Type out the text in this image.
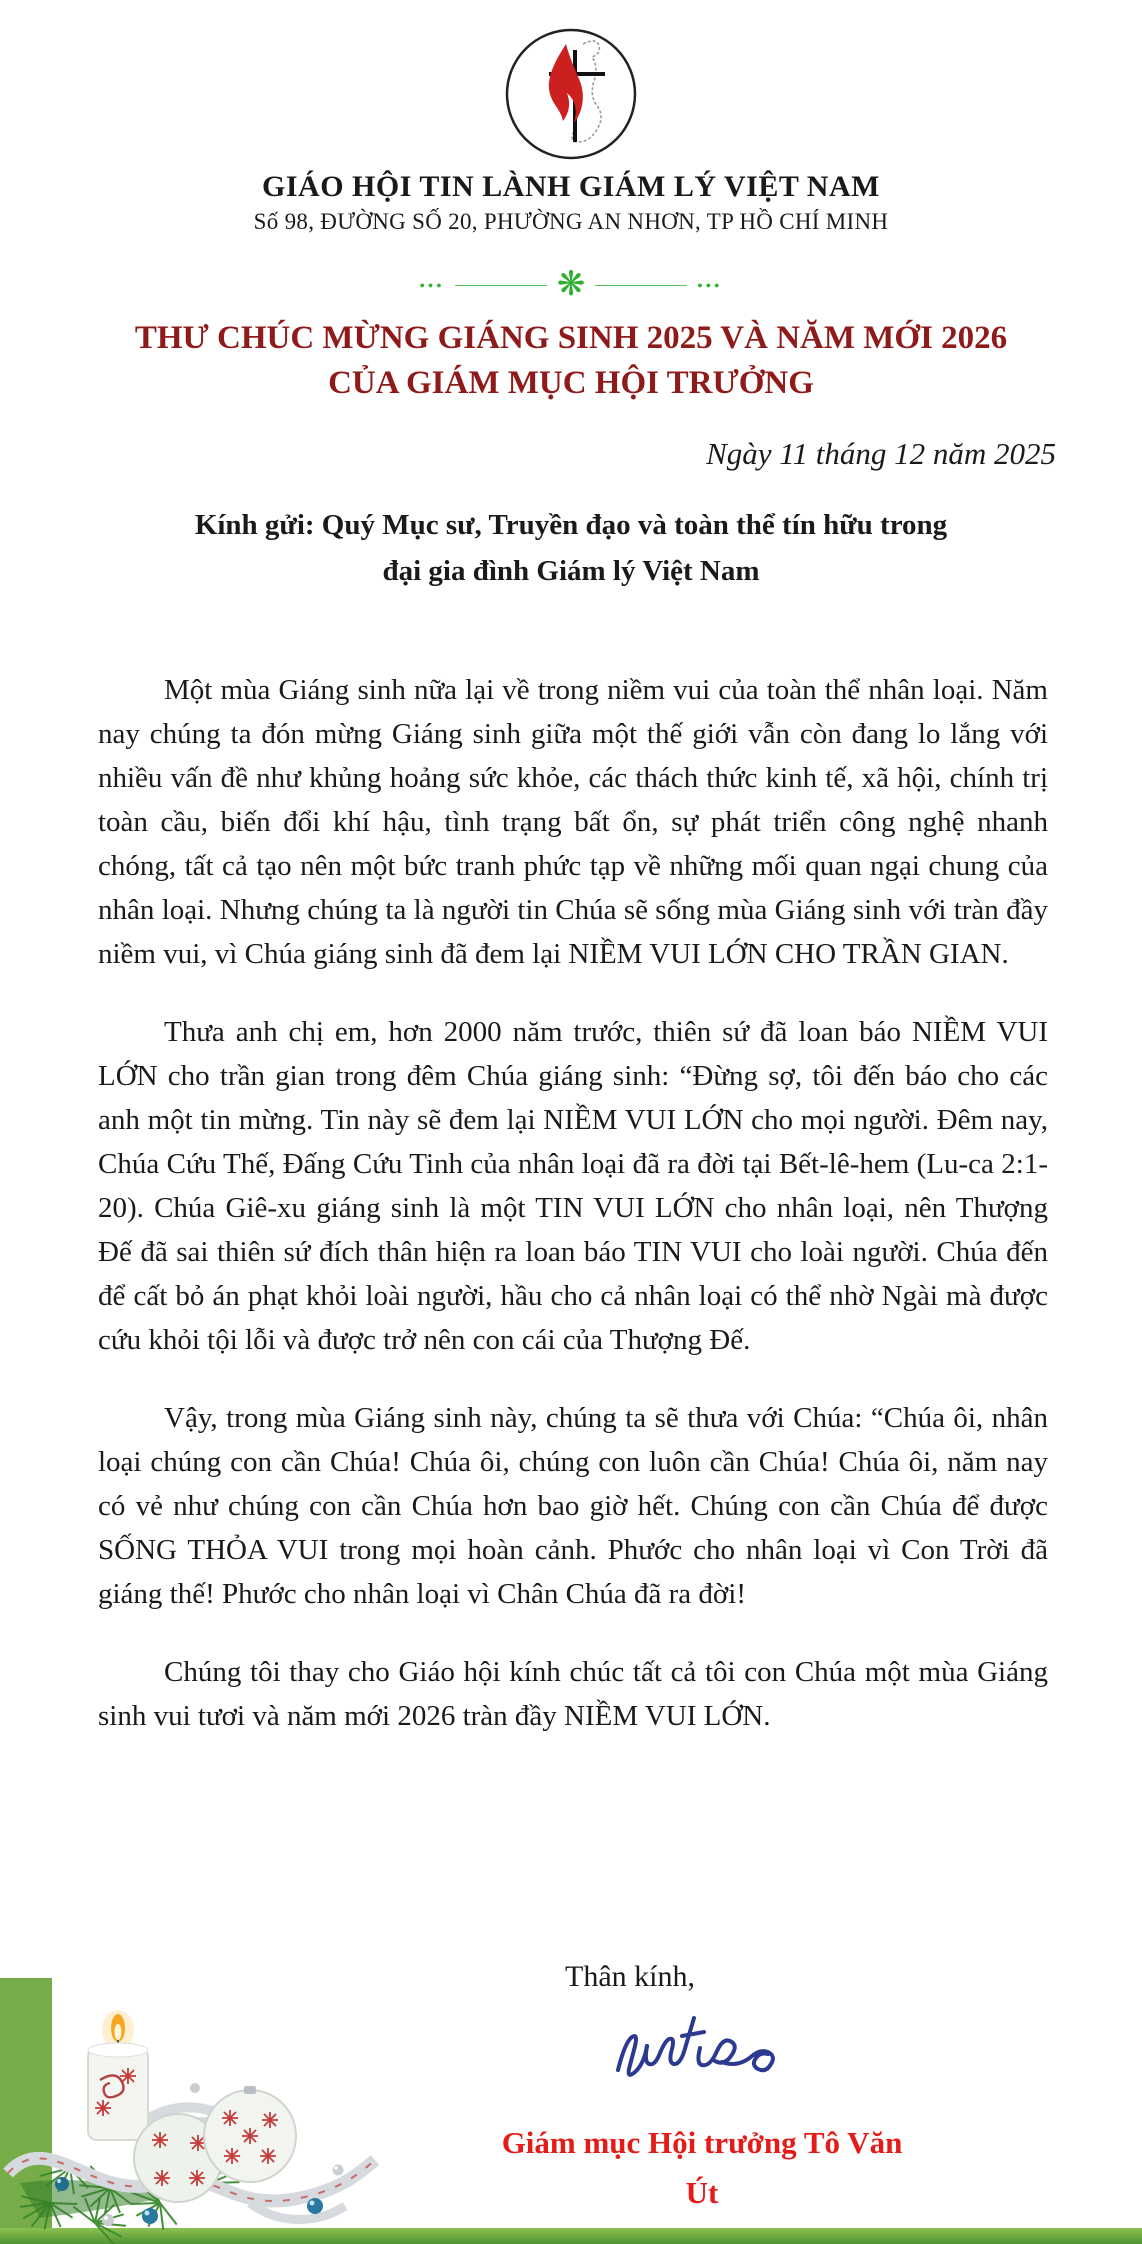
GIÁO HỘI TIN LÀNH GIÁM LÝ VIỆT NAM
Số 98, ĐƯỜNG SỐ 20, PHƯỜNG AN NHƠN, TP HỒ CHÍ MINH
●●●	❋	●●●
THƯ CHÚC MỪNG GIÁNG SINH 2025 VÀ NĂM MỚI 2026
CỦA GIÁM MỤC HỘI TRƯỞNG
Ngày 11 tháng 12 năm 2025
Kính gửi: Quý Mục sư, Truyền đạo và toàn thể tín hữu trong
đại gia đình Giám lý Việt Nam

Một mùa Giáng sinh nữa lại về trong niềm vui của toàn thể nhân loại. Năm nay chúng ta đón mừng Giáng sinh giữa một thế giới vẫn còn đang lo lắng với nhiều vấn đề như khủng hoảng sức khỏe, các thách thức kinh tế, xã hội, chính trị toàn cầu, biến đổi khí hậu, tình trạng bất ổn, sự phát triển công nghệ nhanh chóng, tất cả tạo nên một bức tranh phức tạp về những mối quan ngại chung của nhân loại. Nhưng chúng ta là người tin Chúa sẽ sống mùa Giáng sinh với tràn đầy niềm vui, vì Chúa giáng sinh đã đem lại NIỀM VUI LỚN CHO TRẦN GIAN.

Thưa anh chị em, hơn 2000 năm trước, thiên sứ đã loan báo NIỀM VUI LỚN cho trần gian trong đêm Chúa giáng sinh: “Đừng sợ, tôi đến báo cho các anh một tin mừng. Tin này sẽ đem lại NIỀM VUI LỚN cho mọi người. Đêm nay, Chúa Cứu Thế, Đấng Cứu Tinh của nhân loại đã ra đời tại Bết-lê-hem (Lu-ca 2:1-20). Chúa Giê-xu giáng sinh là một TIN VUI LỚN cho nhân loại, nên Thượng Đế đã sai thiên sứ đích thân hiện ra loan báo TIN VUI cho loài người. Chúa đến để cất bỏ án phạt khỏi loài người, hầu cho cả nhân loại có thể nhờ Ngài mà được cứu khỏi tội lỗi và được trở nên con cái của Thượng Đế.

Vậy, trong mùa Giáng sinh này, chúng ta sẽ thưa với Chúa: “Chúa ôi, nhân loại chúng con cần Chúa! Chúa ôi, chúng con luôn cần Chúa! Chúa ôi, năm nay có vẻ như chúng con cần Chúa hơn bao giờ hết. Chúng con cần Chúa để được SỐNG THỎA VUI trong mọi hoàn cảnh. Phước cho nhân loại vì Con Trời đã giáng thế! Phước cho nhân loại vì Chân Chúa đã ra đời!

Chúng tôi thay cho Giáo hội kính chúc tất cả tôi con Chúa một mùa Giáng sinh vui tươi và năm mới 2026 tràn đầy NIỀM VUI LỚN.

Thân kính,
Giám mục Hội trưởng Tô Văn
Út
